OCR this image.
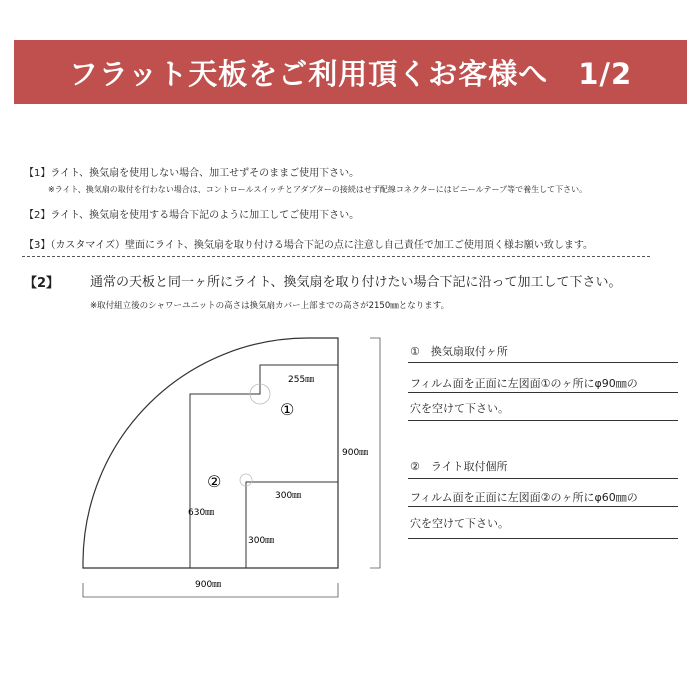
フラット天板をご利用頂くお客様へ　1/2
【1】ライト、換気扇を使用しない場合、加工せずそのままご使用下さい。
※ライト、換気扇の取付を行わない場合は、コントロールスイッチとアダプターの接続はせず配線コネクターにはビニールテープ等で養生して下さい。
【2】ライト、換気扇を使用する場合下記のように加工してご使用下さい。
【3】（カスタマイズ）壁面にライト、換気扇を取り付ける場合下記の点に注意し自己責任で加工ご使用頂く様お願い致します。
【2】 通常の天板と同一ヶ所にライト、換気扇を取り付けたい場合下記に沿って加工して下さい。
※取付組立後のシャワーユニットの高さは換気扇カバー上部までの高さが2150㎜となります。
①
②
255㎜
900㎜
630㎜
300㎜
300㎜
900㎜
①　換気扇取付ヶ所
フィルム面を正面に左図面①のヶ所にφ90㎜の
穴を空けて下さい。
②　ライト取付個所
フィルム面を正面に左図面②のヶ所にφ60㎜の
穴を空けて下さい。
